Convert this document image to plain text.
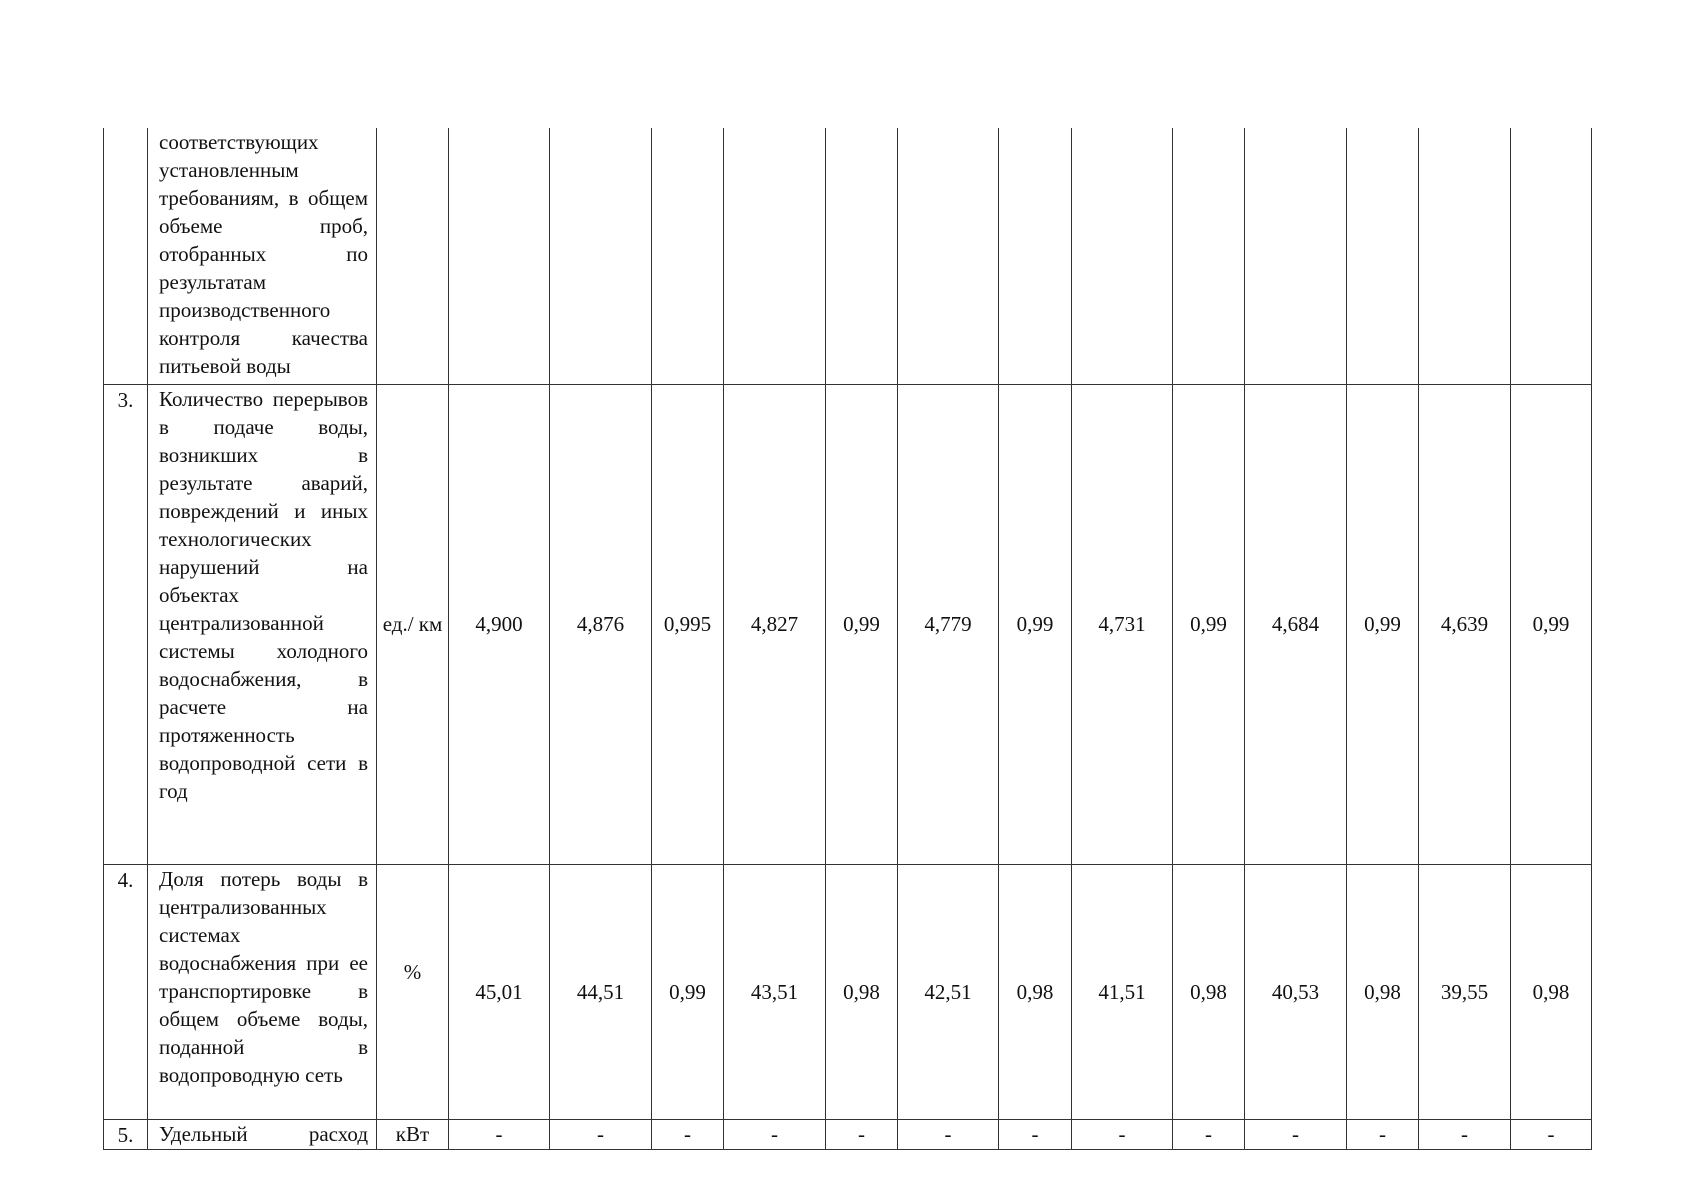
	соответствующих установленным требованиям, в общем объеме проб, отобранных по результатам производственного контроля качества питьевой воды														
3.	Количество перерывов в подаче воды, возникших в результате аварий, повреждений и иных технологических нарушений на объектах централизованной системы холодного водоснабжения, в расчете на протяженность водопроводной сети в год	ед./ км	4,900	4,876	0,995	4,827	0,99	4,779	0,99	4,731	0,99	4,684	0,99	4,639	0,99
4.	Доля потерь воды в централизованных системах водоснабжения при ее транспортировке в общем объеме воды, поданной в водопроводную сеть	%	45,01	44,51	0,99	43,51	0,98	42,51	0,98	41,51	0,98	40,53	0,98	39,55	0,98
5.	Удельный расход	кВт	-	-	-	-	-	-	-	-	-	-	-	-	-
